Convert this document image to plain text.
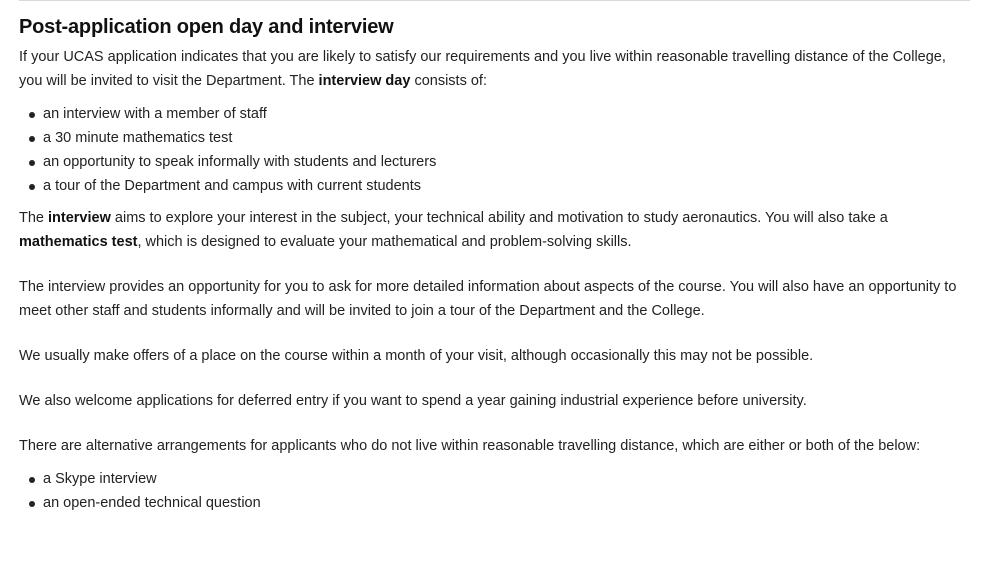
Post-application open day and interview

If your UCAS application indicates that you are likely to satisfy our requirements and you live within reasonable travelling distance of the College, you will be invited to visit the Department. The interview day consists of:

an interview with a member of staff
a 30 minute mathematics test
an opportunity to speak informally with students and lecturers
a tour of the Department and campus with current students

The interview aims to explore your interest in the subject, your technical ability and motivation to study aeronautics. You will also take a mathematics test, which is designed to evaluate your mathematical and problem-solving skills.

The interview provides an opportunity for you to ask for more detailed information about aspects of the course. You will also have an opportunity to meet other staff and students informally and will be invited to join a tour of the Department and the College.

We usually make offers of a place on the course within a month of your visit, although occasionally this may not be possible.

We also welcome applications for deferred entry if you want to spend a year gaining industrial experience before university.

There are alternative arrangements for applicants who do not live within reasonable travelling distance, which are either or both of the below:

a Skype interview
an open-ended technical question
